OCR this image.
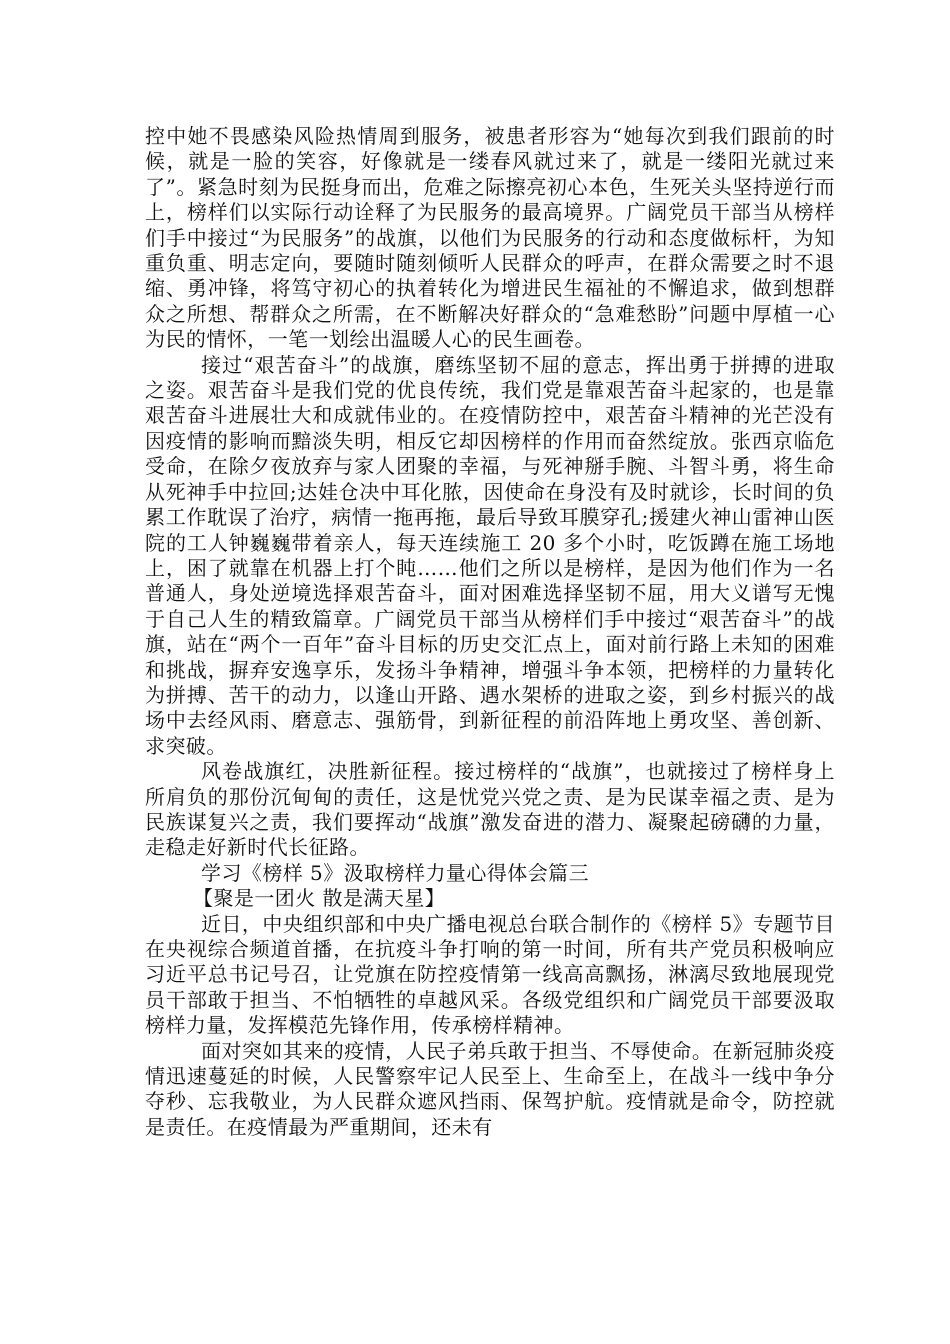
控中她不畏感染风险热情周到服务，被患者形容为“她每次到我们跟前的时候，就是一脸的笑容，好像就是一缕春风就过来了，就是一缕阳光就过来了”。紧急时刻为民挺身而出，危难之际擦亮初心本色，生死关头坚持逆行而上，榜样们以实际行动诠释了为民服务的最高境界。广阔党员干部当从榜样们手中接过“为民服务”的战旗，以他们为民服务的行动和态度做标杆，为知重负重、明志定向，要随时随刻倾听人民群众的呼声，在群众需要之时不退缩、勇冲锋，将笃守初心的执着转化为增进民生福祉的不懈追求，做到想群众之所想、帮群众之所需，在不断解决好群众的“急难愁盼”问题中厚植一心为民的情怀，一笔一划绘出温暖人心的民生画卷。

接过“艰苦奋斗”的战旗，磨练坚韧不屈的意志，挥出勇于拼搏的进取之姿。艰苦奋斗是我们党的优良传统，我们党是靠艰苦奋斗起家的，也是靠艰苦奋斗进展壮大和成就伟业的。在疫情防控中，艰苦奋斗精神的光芒没有因疫情的影响而黯淡失明，相反它却因榜样的作用而奋然绽放。张西京临危受命，在除夕夜放弃与家人团聚的幸福，与死神掰手腕、斗智斗勇，将生命从死神手中拉回;达娃仓决中耳化脓，因使命在身没有及时就诊，长时间的负累工作耽误了治疗，病情一拖再拖，最后导致耳膜穿孔;援建火神山雷神山医院的工人钟巍巍带着亲人，每天连续施工 20 多个小时，吃饭蹲在施工场地上，困了就靠在机器上打个盹……他们之所以是榜样，是因为他们作为一名普通人，身处逆境选择艰苦奋斗，面对困难选择坚韧不屈，用大义谱写无愧于自己人生的精致篇章。广阔党员干部当从榜样们手中接过“艰苦奋斗”的战旗，站在“两个一百年”奋斗目标的历史交汇点上，面对前行路上未知的困难和挑战，摒弃安逸享乐，发扬斗争精神，增强斗争本领，把榜样的力量转化为拼搏、苦干的动力，以逢山开路、遇水架桥的进取之姿，到乡村振兴的战场中去经风雨、磨意志、强筋骨，到新征程的前沿阵地上勇攻坚、善创新、求突破。

风卷战旗红，决胜新征程。接过榜样的“战旗”，也就接过了榜样身上所肩负的那份沉甸甸的责任，这是忧党兴党之责、是为民谋幸福之责、是为民族谋复兴之责，我们要挥动“战旗”激发奋进的潜力、凝聚起磅礴的力量，走稳走好新时代长征路。

学习《榜样 5》汲取榜样力量心得体会篇三

【聚是一团火 散是满天星】

近日，中央组织部和中央广播电视总台联合制作的《榜样 5》专题节目在央视综合频道首播，在抗疫斗争打响的第一时间，所有共产党员积极响应习近平总书记号召，让党旗在防控疫情第一线高高飘扬，淋漓尽致地展现党员干部敢于担当、不怕牺牲的卓越风采。各级党组织和广阔党员干部要汲取榜样力量，发挥模范先锋作用，传承榜样精神。

面对突如其来的疫情，人民子弟兵敢于担当、不辱使命。在新冠肺炎疫情迅速蔓延的时候，人民警察牢记人民至上、生命至上，在战斗一线中争分夺秒、忘我敬业，为人民群众遮风挡雨、保驾护航。疫情就是命令，防控就是责任。在疫情最为严重期间，还未有
